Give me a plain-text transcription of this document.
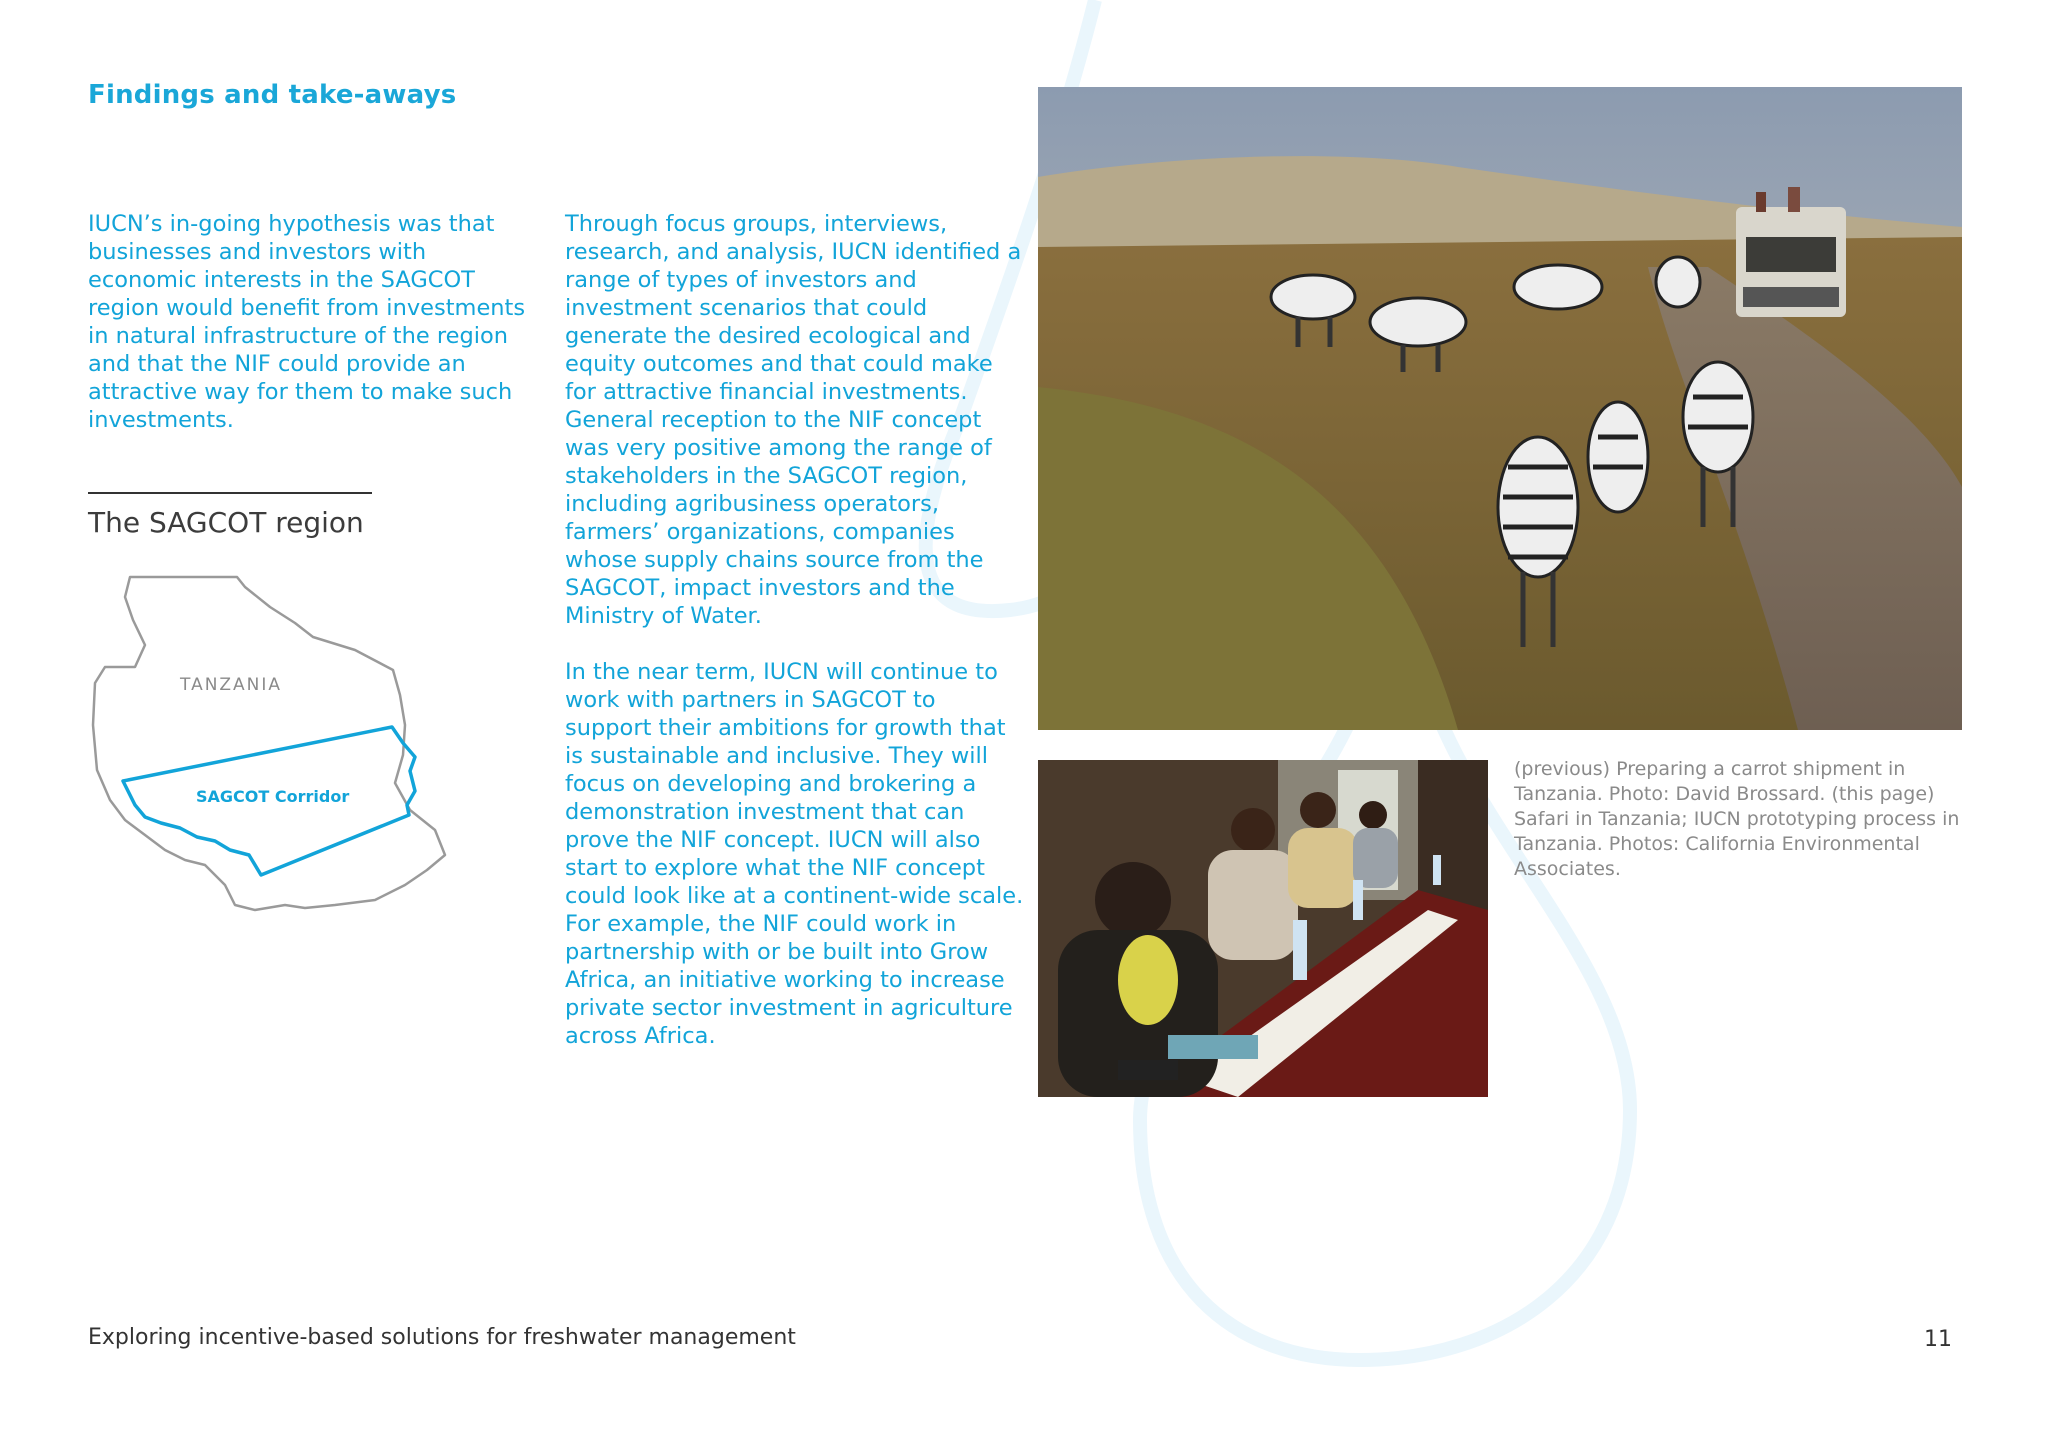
Findings and take-aways

IUCN’s in-going hypothesis was that businesses and investors with economic interests in the SAGCOT region would benefit from investments in natural infrastructure of the region and that the NIF could provide an attractive way for them to make such investments.

Through focus groups, interviews, research, and analysis, IUCN identified a range of types of investors and investment scenarios that could generate the desired ecological and equity outcomes and that could make for attractive financial investments. General reception to the NIF concept was very positive among the range of stakeholders in the SAGCOT region, including agribusiness operators, farmers’ organizations, companies whose supply chains source from the SAGCOT, impact investors and the Ministry of Water.

In the near term, IUCN will continue to work with partners in SAGCOT to support their ambitions for growth that is sustainable and inclusive. They will focus on developing and brokering a demonstration investment that can prove the NIF concept. IUCN will also start to explore what the NIF concept could look like at a continent-wide scale. For example, the NIF could work in partnership with or be built into Grow Africa, an initiative working to increase private sector investment in agriculture across Africa.

The SAGCOT region
TANZANIA
SAGCOT Corridor

(previous) Preparing a carrot shipment in Tanzania. Photo: David Brossard. (this page) Safari in Tanzania; IUCN prototyping process in Tanzania. Photos: California Environmental Associates.

Exploring incentive-based solutions for freshwater management	11
